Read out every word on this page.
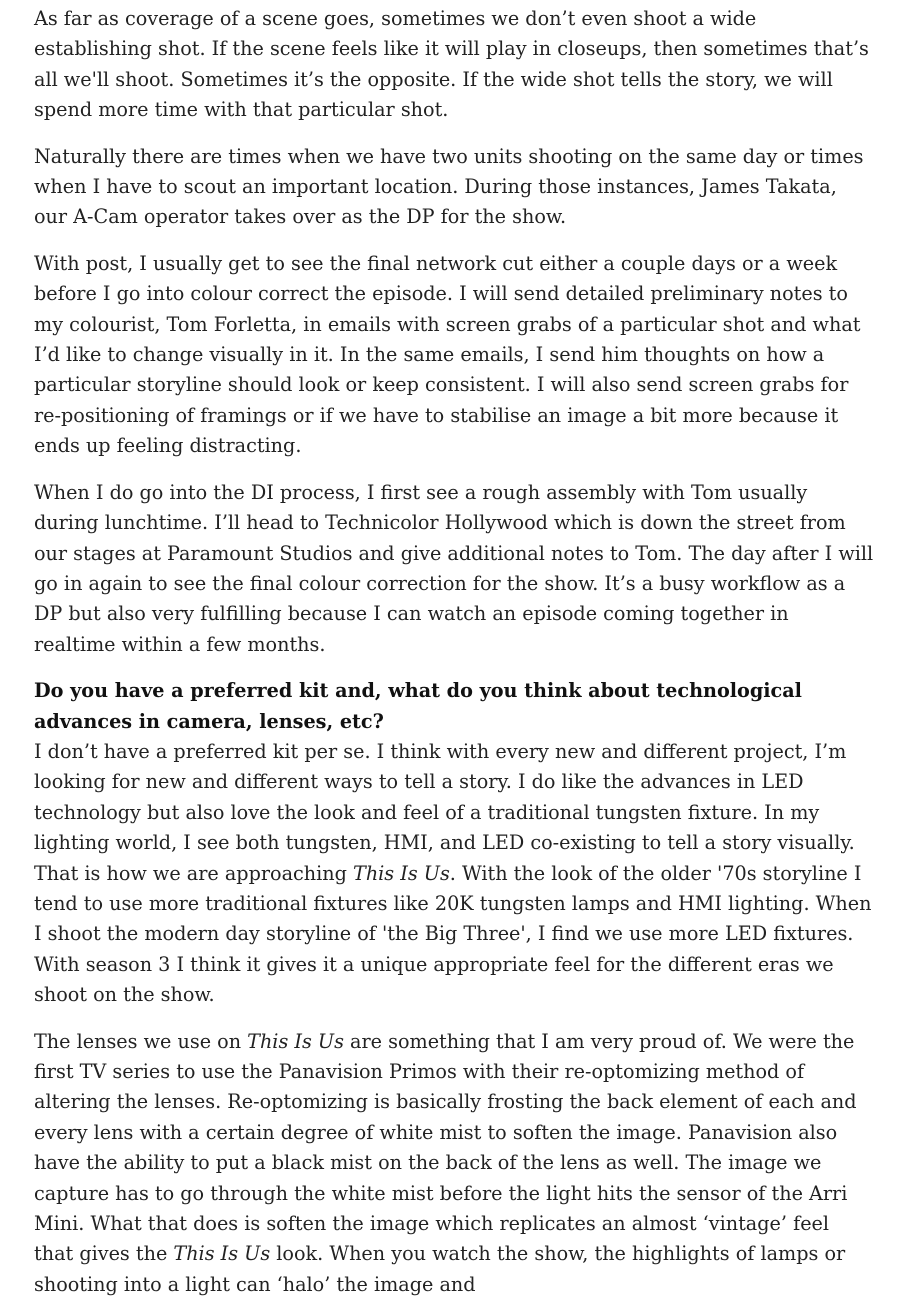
As far as coverage of a scene goes, sometimes we don’t even shoot a wide establishing shot. If the scene feels like it will play in closeups, then sometimes that’s all we'll shoot. Sometimes it’s the opposite. If the wide shot tells the story, we will spend more time with that particular shot.

Naturally there are times when we have two units shooting on the same day or times when I have to scout an important location. During those instances, James Takata, our A-Cam operator takes over as the DP for the show.

With post, I usually get to see the final network cut either a couple days or a week before I go into colour correct the episode. I will send detailed preliminary notes to my colourist, Tom Forletta, in emails with screen grabs of a particular shot and what I’d like to change visually in it. In the same emails, I send him thoughts on how a particular storyline should look or keep consistent. I will also send screen grabs for re-positioning of framings or if we have to stabilise an image a bit more because it ends up feeling distracting.

When I do go into the DI process, I first see a rough assembly with Tom usually during lunchtime. I’ll head to Technicolor Hollywood which is down the street from our stages at Paramount Studios and give additional notes to Tom. The day after I will go in again to see the final colour correction for the show. It’s a busy workflow as a DP but also very fulfilling because I can watch an episode coming together in realtime within a few months.

Do you have a preferred kit and, what do you think about technological advances in camera, lenses, etc?

I don’t have a preferred kit per se. I think with every new and different project, I’m looking for new and different ways to tell a story. I do like the advances in LED technology but also love the look and feel of a traditional tungsten fixture. In my lighting world, I see both tungsten, HMI, and LED co-existing to tell a story visually. That is how we are approaching This Is Us. With the look of the older '70s storyline I tend to use more traditional fixtures like 20K tungsten lamps and HMI lighting. When I shoot the modern day storyline of 'the Big Three', I find we use more LED fixtures. With season 3 I think it gives it a unique appropriate feel for the different eras we shoot on the show.

The lenses we use on This Is Us are something that I am very proud of. We were the first TV series to use the Panavision Primos with their re-optomizing method of altering the lenses. Re-optomizing is basically frosting the back element of each and every lens with a certain degree of white mist to soften the image. Panavision also have the ability to put a black mist on the back of the lens as well. The image we capture has to go through the white mist before the light hits the sensor of the Arri Mini. What that does is soften the image which replicates an almost ‘vintage’ feel that gives the This Is Us look. When you watch the show, the highlights of lamps or shooting into a light can ‘halo’ the image and
